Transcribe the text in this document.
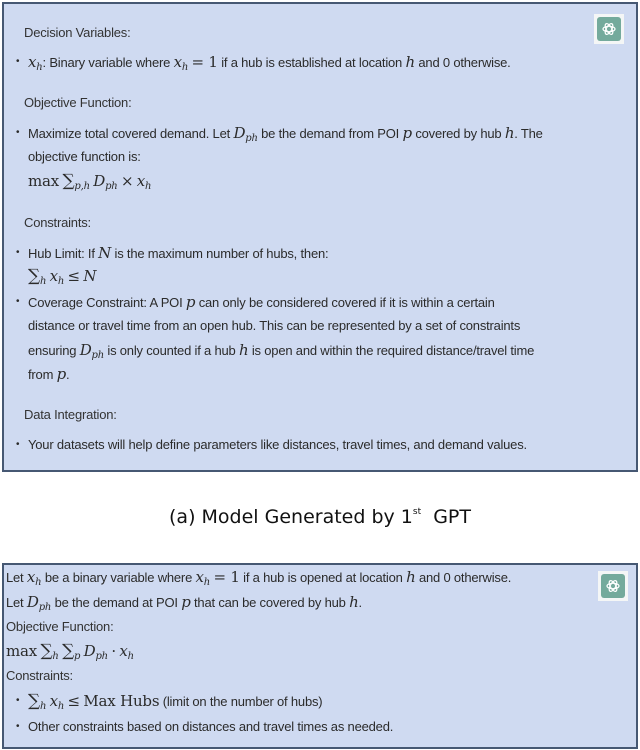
Decision Variables:
• $x_h$: Binary variable where $x_h = 1$ if a hub is established at location h and 0 otherwise.
Objective Function:
• Maximize total covered demand. Let $D_{ph}$ be the demand from POI p covered by hub h. The
objective function is:
$\max \sum_{p,h}$ $D_{ph} \times x_h$
Constraints:
• Hub Limit: If N is the maximum number of hubs, then:
$\sum_h$ $x_h \le N$
• Coverage Constraint: A POI p can only be considered covered if it is within a certain
distance or travel time from an open hub. This can be represented by a set of constraints
ensuring $D_{ph}$ is only counted if a hub h is open and within the required distance/travel time
from p.
Data Integration:
• Your datasets will help define parameters like distances, travel times, and demand values.
(a) Model Generated by 1st  GPT
Let $x_h$ be a binary variable where $x_h = 1$ if a hub is opened at location h and 0 otherwise.
Let $D_{ph}$ be the demand at POI p that can be covered by hub h.
Objective Function:
$\max \sum_h$ $\sum_p$ $D_{ph} \cdot x_h$
Constraints:
• $\sum_h$ $x_h$ ≤ Max Hubs (limit on the number of hubs)
• Other constraints based on distances and travel times as needed.
